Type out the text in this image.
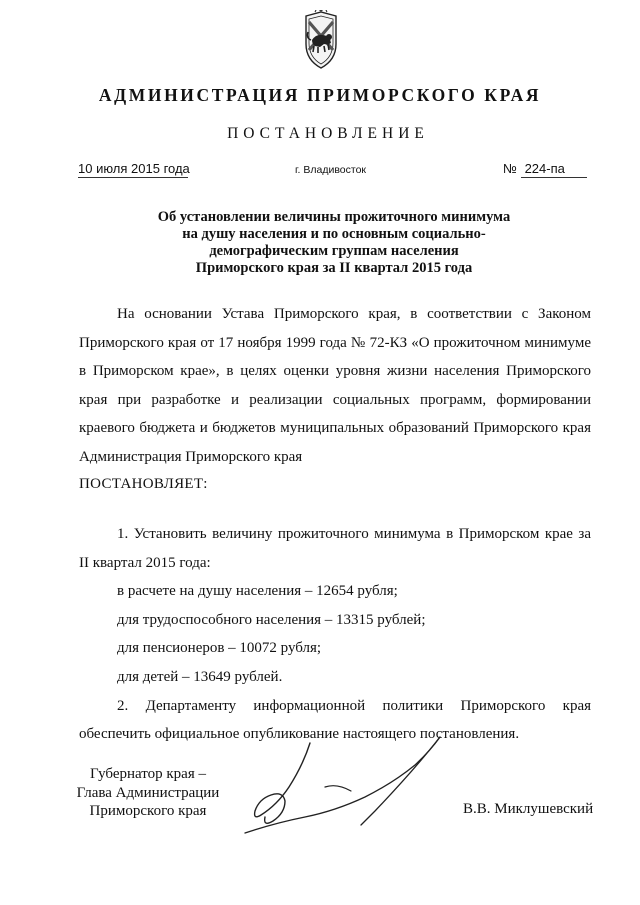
АДМИНИСТРАЦИЯ ПРИМОРСКОГО КРАЯ
ПОСТАНОВЛЕНИЕ
10 июля 2015 года	г. Владивосток	№ 224-па
Об установлении величины прожиточного минимума
на душу населения и по основным социально-
демографическим группам населения
Приморского края за II квартал 2015 года
На основании Устава Приморского края, в соответствии с Законом
Приморского края от 17 ноября 1999 года № 72-КЗ «О прожиточном минимуме
в Приморском крае», в целях оценки уровня жизни населения Приморского
края при разработке и реализации социальных программ, формировании
краевого бюджета и бюджетов муниципальных образований Приморского края
Администрация Приморского края
ПОСТАНОВЛЯЕТ:
1. Установить величину прожиточного минимума в Приморском крае за
II квартал 2015 года:
в расчете на душу населения – 12654 рубля;
для трудоспособного населения – 13315 рублей;
для пенсионеров – 10072 рубля;
для детей – 13649 рублей.
2. Департаменту информационной политики Приморского края
обеспечить официальное опубликование настоящего постановления.
Губернатор края –
Глава Администрации
Приморского края	В.В. Миклушевский
